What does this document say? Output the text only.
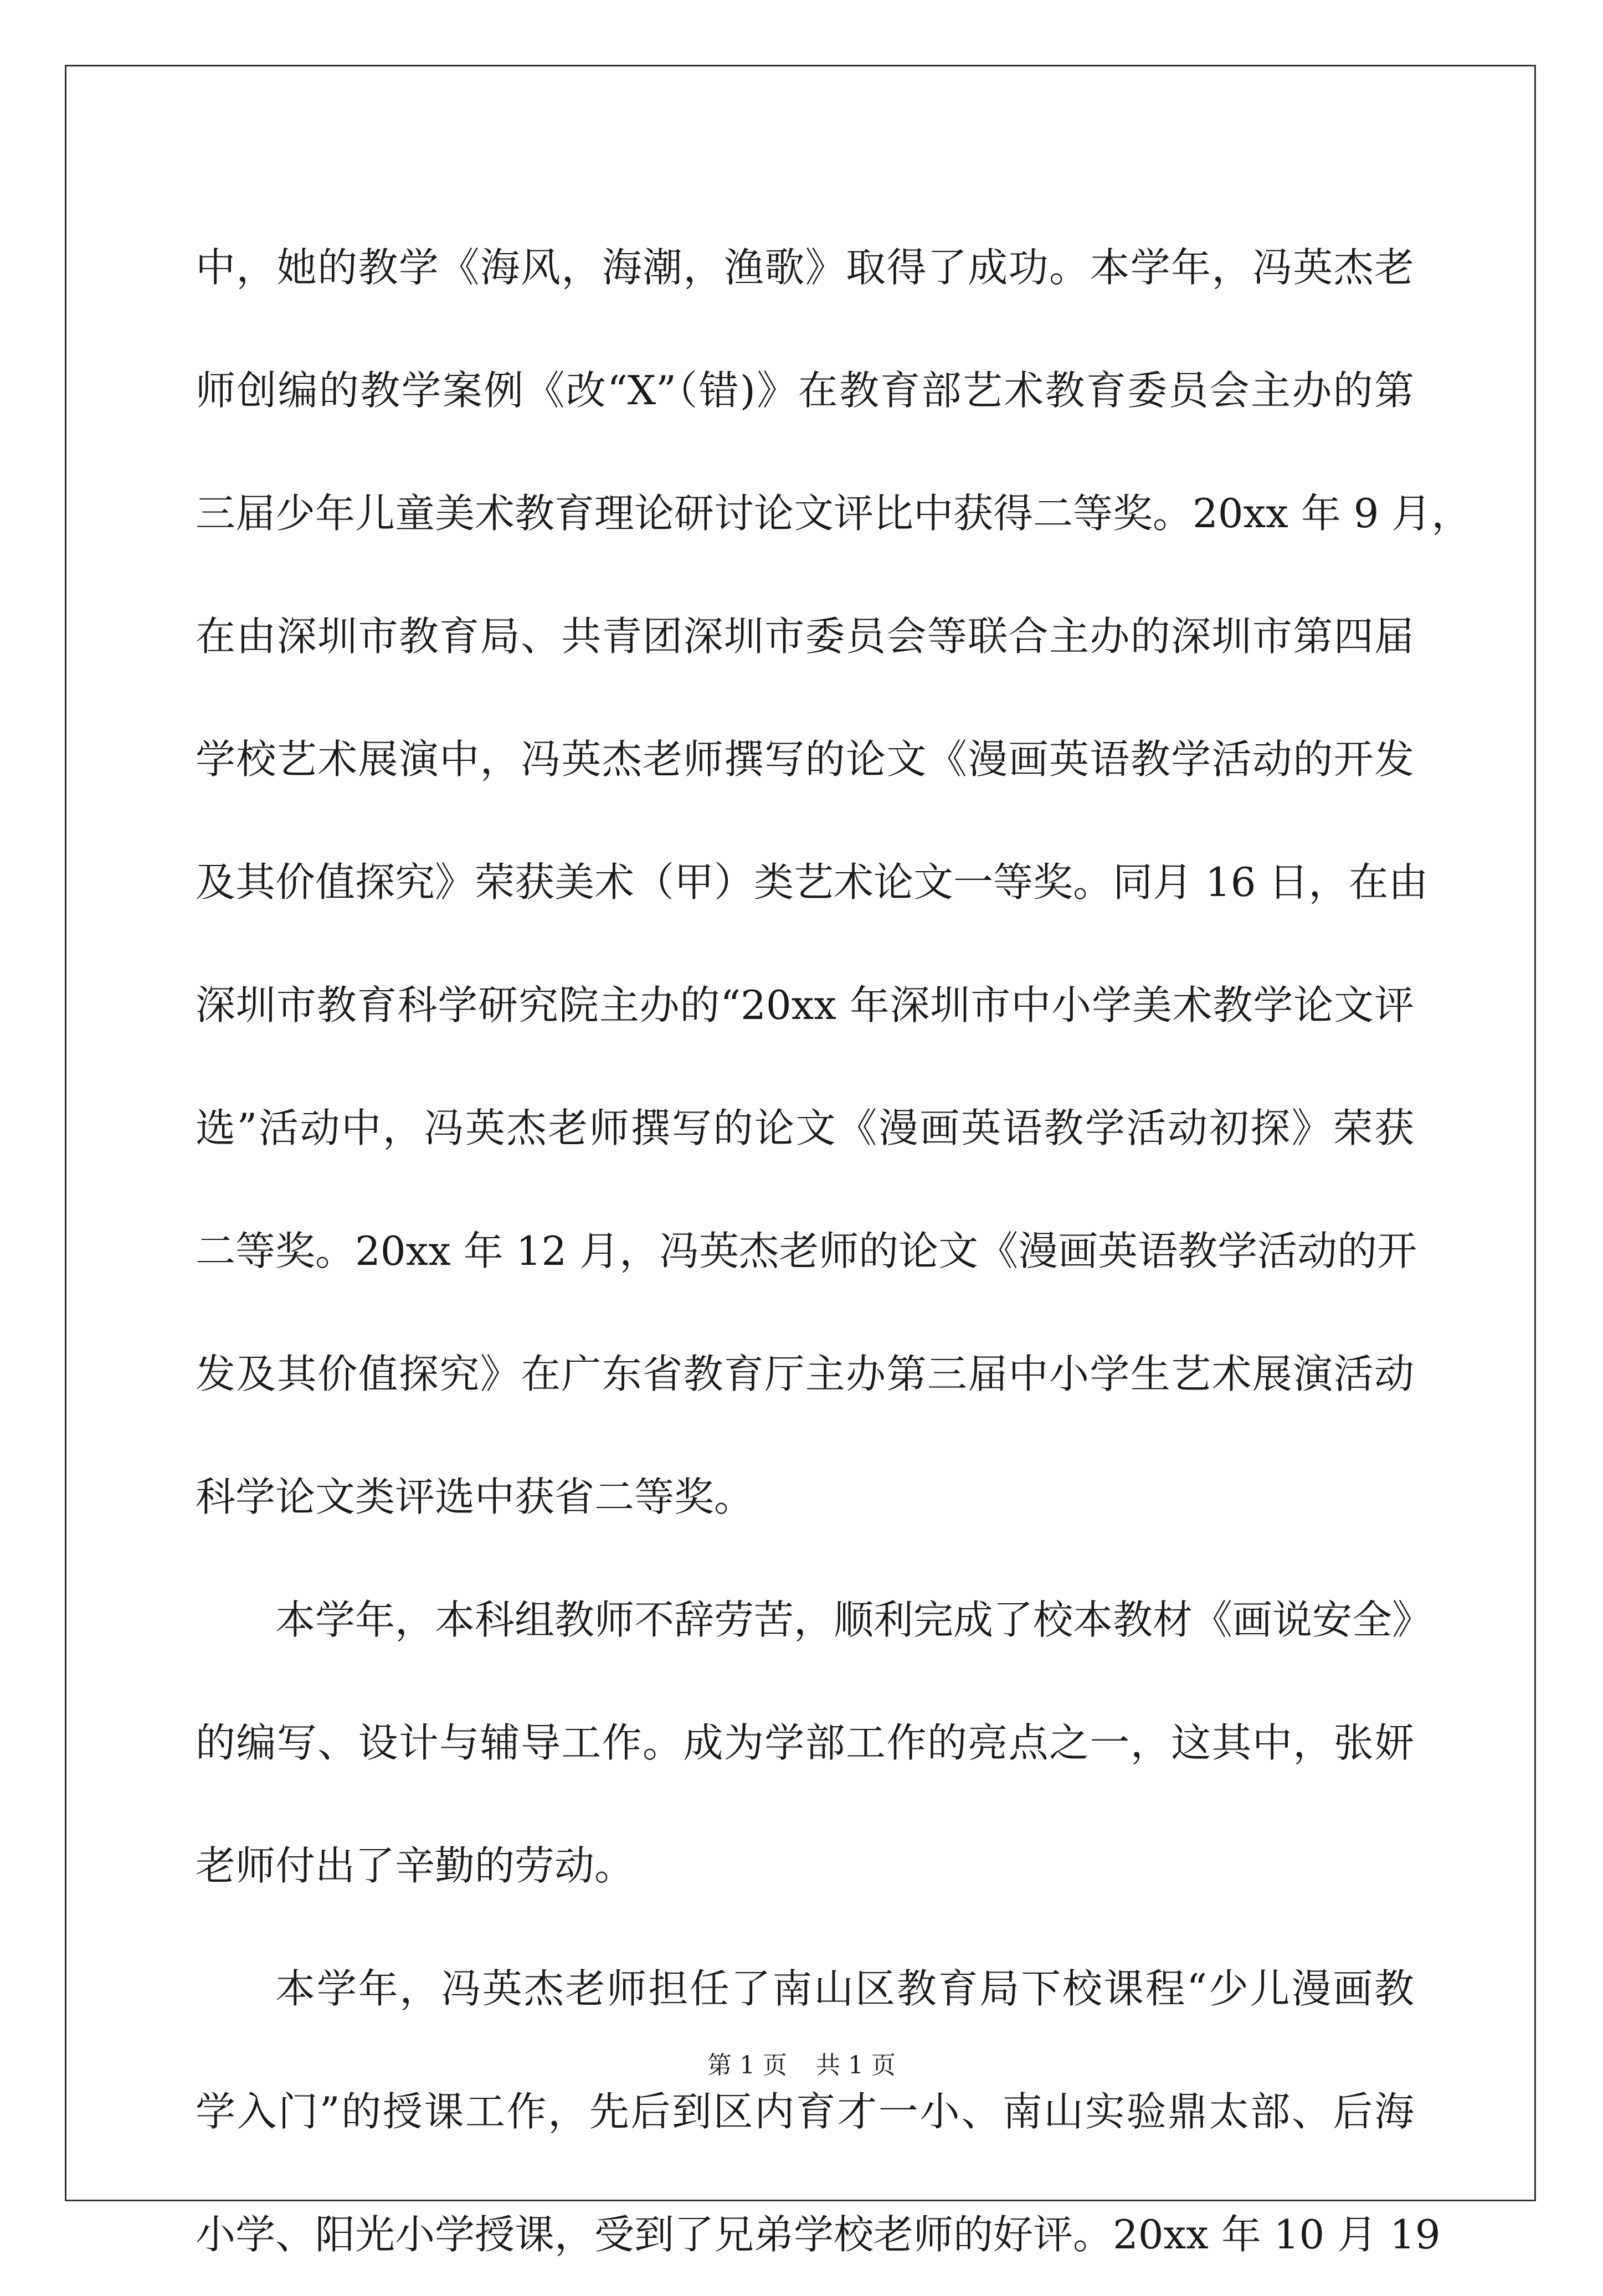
中，她的教学《海风，海潮，渔歌》取得了成功。本学年，冯英杰老
师创编的教学案例《改“X”（错)》在教育部艺术教育委员会主办的第
三届少年儿童美术教育理论研讨论文评比中获得二等奖。20xx 年 9 月，
在由深圳市教育局、共青团深圳市委员会等联合主办的深圳市第四届
学校艺术展演中，冯英杰老师撰写的论文《漫画英语教学活动的开发
及其价值探究》荣获美术（甲）类艺术论文一等奖。同月 16 日，在由
深圳市教育科学研究院主办的“20xx 年深圳市中小学美术教学论文评
选”活动中，冯英杰老师撰写的论文《漫画英语教学活动初探》荣获
二等奖。20xx 年 12 月，冯英杰老师的论文《漫画英语教学活动的开
发及其价值探究》在广东省教育厅主办第三届中小学生艺术展演活动
科学论文类评选中获省二等奖。
本学年，本科组教师不辞劳苦，顺利完成了校本教材《画说安全》
的编写、设计与辅导工作。成为学部工作的亮点之一，这其中，张妍
老师付出了辛勤的劳动。
本学年，冯英杰老师担任了南山区教育局下校课程“少儿漫画教
学入门”的授课工作，先后到区内育才一小、南山实验鼎太部、后海
小学、阳光小学授课，受到了兄弟学校老师的好评。20xx 年 10 月 19
第 1 页 共 1 页
